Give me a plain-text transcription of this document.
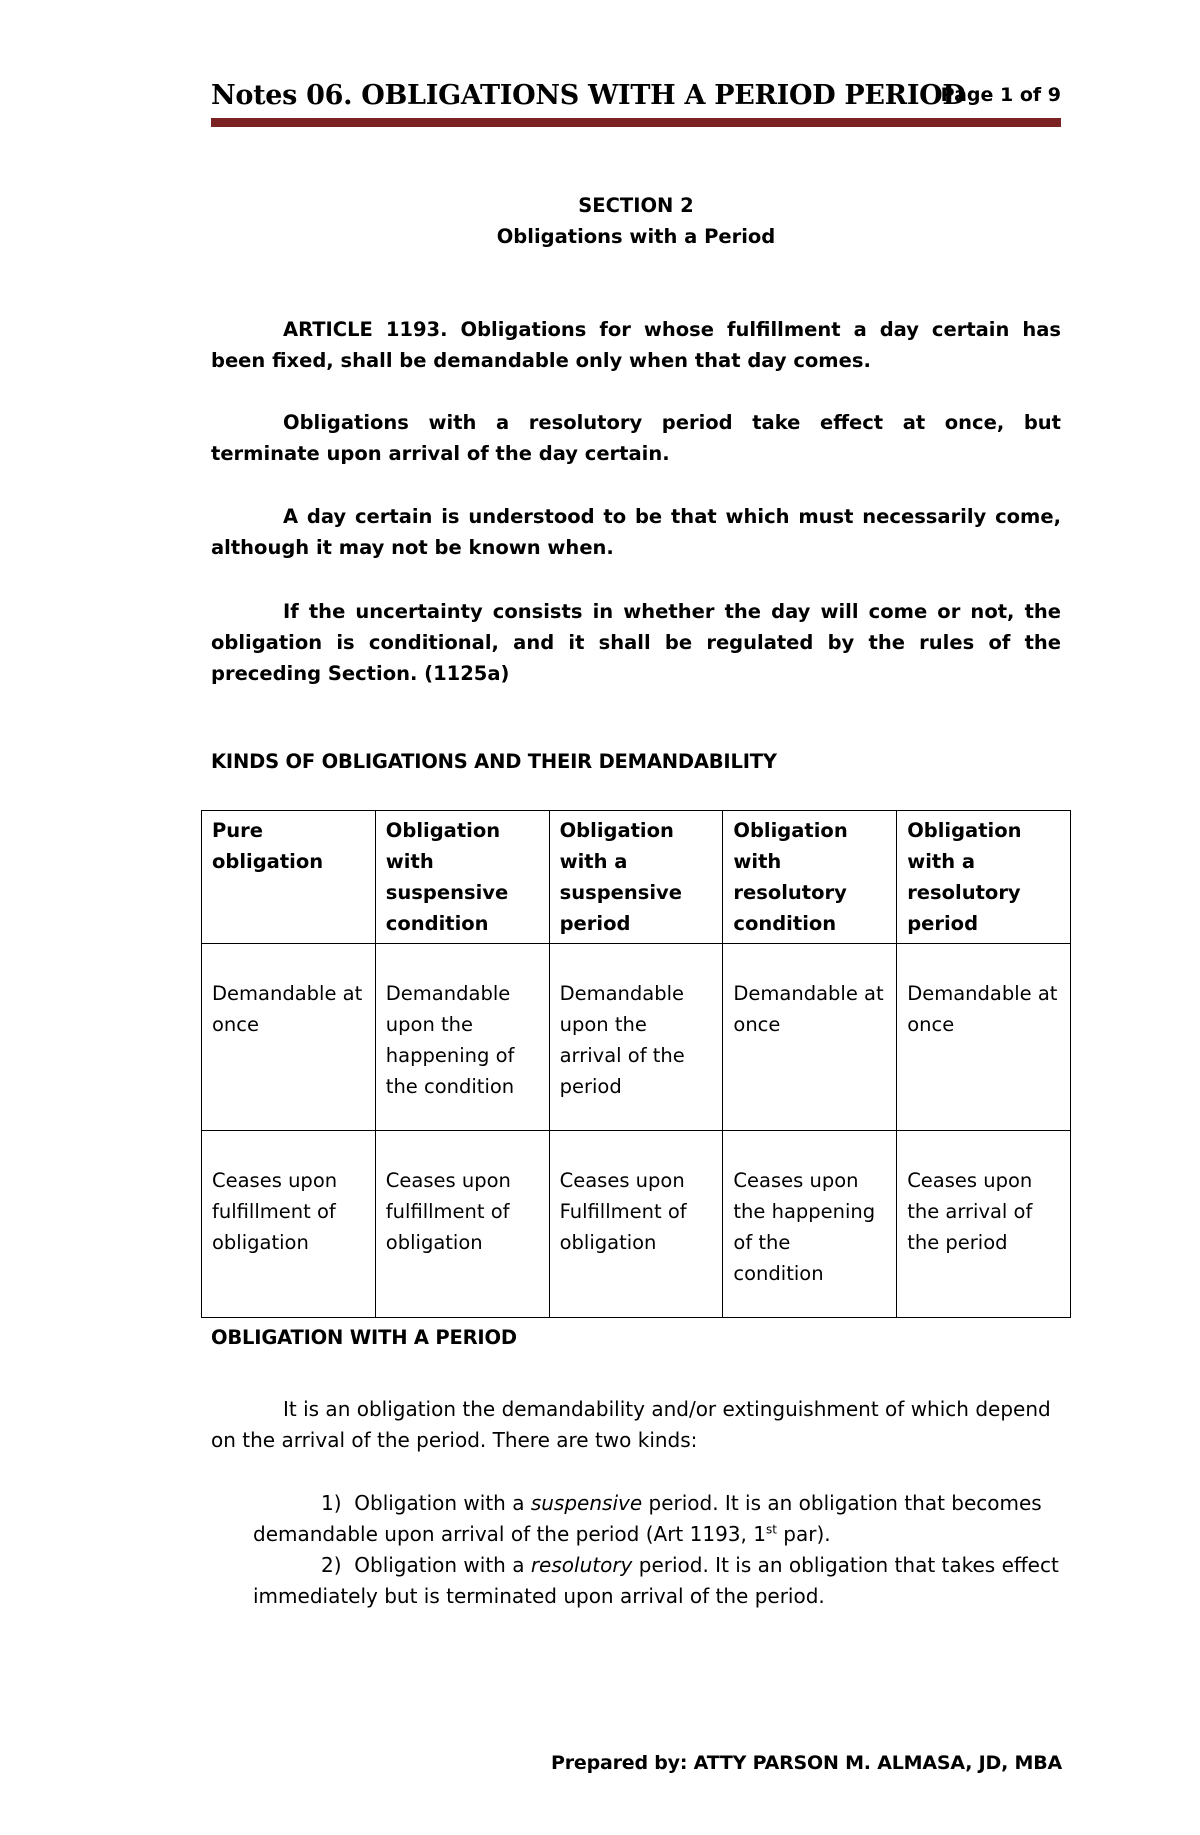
Notes 06. OBLIGATIONS WITH A PERIOD PERIOD
Page 1 of 9
SECTION 2
Obligations with a Period

ARTICLE 1193. Obligations for whose fulfillment a day certain has been fixed, shall be demandable only when that day comes.

Obligations with a resolutory period take effect at once, but terminate upon arrival of the day certain.

A day certain is understood to be that which must necessarily come, although it may not be known when.

If the uncertainty consists in whether the day will come or not, the obligation is conditional, and it shall be regulated by the rules of the preceding Section. (1125a)

KINDS OF OBLIGATIONS AND THEIR DEMANDABILITY
Pure obligation	Obligation with suspensive condition	Obligation with a suspensive period	Obligation with resolutory condition	Obligation with a resolutory period
Demandable at once	Demandable upon the happening of the condition	Demandable upon the arrival of the period	Demandable at once	Demandable at once
Ceases upon fulfillment of obligation	Ceases upon fulfillment of obligation	Ceases upon Fulfillment of obligation	Ceases upon the happening of the condition	Ceases upon the arrival of the period
OBLIGATION WITH A PERIOD

It is an obligation the demandability and/or extinguishment of which depend on the arrival of the period. There are two kinds:

1) Obligation with a suspensive period. It is an obligation that becomes demandable upon arrival of the period (Art 1193, 1st par).

2) Obligation with a resolutory period. It is an obligation that takes effect immediately but is terminated upon arrival of the period.

Prepared by: ATTY PARSON M. ALMASA, JD, MBA
